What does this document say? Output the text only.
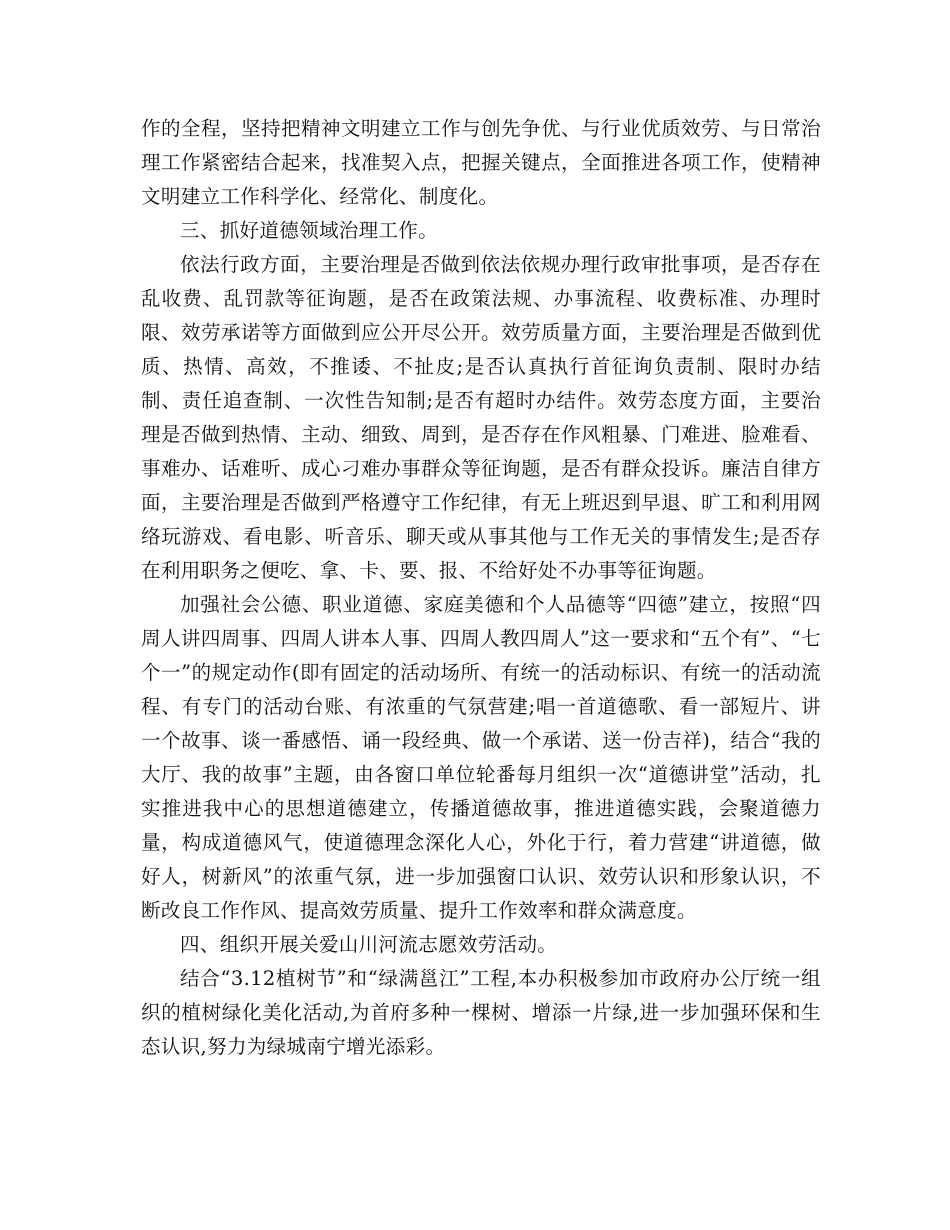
作的全程，坚持把精神文明建立工作与创先争优、与行业优质效劳、与日常治理工作紧密结合起来，找准契入点，把握关键点，全面推进各项工作，使精神文明建立工作科学化、经常化、制度化。

三、抓好道德领域治理工作。

依法行政方面，主要治理是否做到依法依规办理行政审批事项，是否存在乱收费、乱罚款等征询题，是否在政策法规、办事流程、收费标准、办理时限、效劳承诺等方面做到应公开尽公开。效劳质量方面，主要治理是否做到优质、热情、高效，不推诿、不扯皮;是否认真执行首征询负责制、限时办结制、责任追查制、一次性告知制;是否有超时办结件。效劳态度方面，主要治理是否做到热情、主动、细致、周到，是否存在作风粗暴、门难进、脸难看、事难办、话难听、成心刁难办事群众等征询题，是否有群众投诉。廉洁自律方面，主要治理是否做到严格遵守工作纪律，有无上班迟到早退、旷工和利用网络玩游戏、看电影、听音乐、聊天或从事其他与工作无关的事情发生;是否存在利用职务之便吃、拿、卡、要、报、不给好处不办事等征询题。

加强社会公德、职业道德、家庭美德和个人品德等“四德”建立，按照“四周人讲四周事、四周人讲本人事、四周人教四周人”这一要求和“五个有”、“七个一”的规定动作(即有固定的活动场所、有统一的活动标识、有统一的活动流程、有专门的活动台账、有浓重的气氛营建;唱一首道德歌、看一部短片、讲一个故事、谈一番感悟、诵一段经典、做一个承诺、送一份吉祥)，结合“我的大厅、我的故事”主题，由各窗口单位轮番每月组织一次“道德讲堂”活动，扎实推进我中心的思想道德建立，传播道德故事，推进道德实践，会聚道德力量，构成道德风气，使道德理念深化人心，外化于行，着力营建“讲道德，做好人，树新风”的浓重气氛，进一步加强窗口认识、效劳认识和形象认识，不断改良工作作风、提高效劳质量、提升工作效率和群众满意度。

四、组织开展关爱山川河流志愿效劳活动。

结合“3.12植树节”和“绿满邕江”工程,本办积极参加市政府办公厅统一组织的植树绿化美化活动,为首府多种一棵树、增添一片绿,进一步加强环保和生态认识,努力为绿城南宁增光添彩。
